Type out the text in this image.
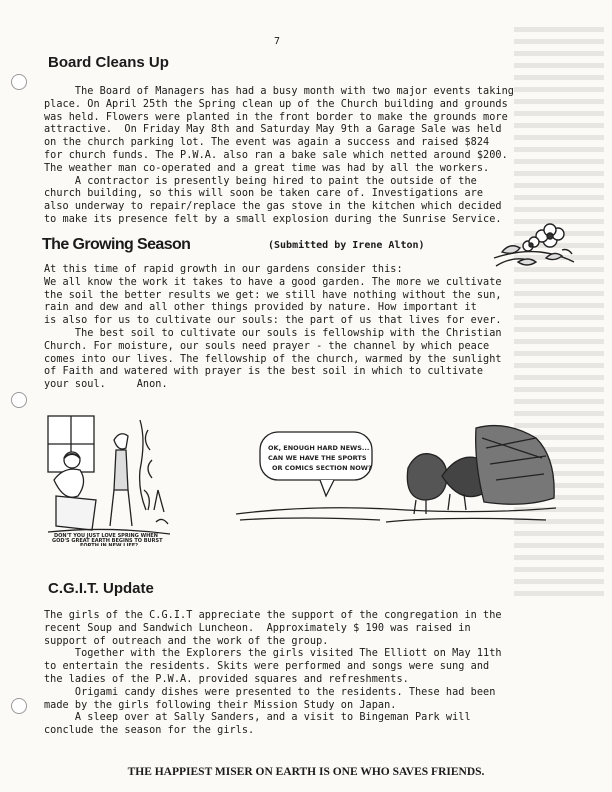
7
Board Cleans Up

The Board of Managers has had a busy month with two major events taking
place. On April 25th the Spring clean up of the Church building and grounds
was held. Flowers were planted in the front border to make the grounds more
attractive.  On Friday May 8th and Saturday May 9th a Garage Sale was held
on the church parking lot. The event was again a success and raised $824
for church funds. The P.W.A. also ran a bake sale which netted around $200.
The weather man co-operated and a great time was had by all the workers.
A contractor is presently being hired to paint the outside of the
church building, so this will soon be taken care of. Investigations are
also underway to repair/replace the gas stove in the kitchen which decided
to make its presence felt by a small explosion during the Sunrise Service.

The Growing Season	(Submitted by Irene Alton)

At this time of rapid growth in our gardens consider this:
We all know the work it takes to have a good garden. The more we cultivate
the soil the better results we get: we still have nothing without the sun,
rain and dew and all other things provided by nature. How important it
is also for us to cultivate our souls: the part of us that lives for ever.
The best soil to cultivate our souls is fellowship with the Christian
Church. For moisture, our souls need prayer - the channel by which peace
comes into our lives. The fellowship of the church, warmed by the sunlight
of Faith and watered with prayer is the best soil in which to cultivate
your soul.     Anon.

DON'T YOU JUST LOVE SPRING WHEN
GOD'S GREAT EARTH BEGINS TO BURST
FORTH IN NEW LIFE?
OK, ENOUGH HARD NEWS...
CAN WE HAVE THE SPORTS
OR COMICS SECTION NOW?
C.G.I.T. Update

The girls of the C.G.I.T appreciate the support of the congregation in the
recent Soup and Sandwich Luncheon.  Approximately $ 190 was raised in
support of outreach and the work of the group.
Together with the Explorers the girls visited The Elliott on May 11th
to entertain the residents. Skits were performed and songs were sung and
the ladies of the P.W.A. provided squares and refreshments.
Origami candy dishes were presented to the residents. These had been
made by the girls following their Mission Study on Japan.
A sleep over at Sally Sanders, and a visit to Bingeman Park will
conclude the season for the girls.

THE HAPPIEST MISER ON EARTH IS ONE WHO SAVES FRIENDS.
